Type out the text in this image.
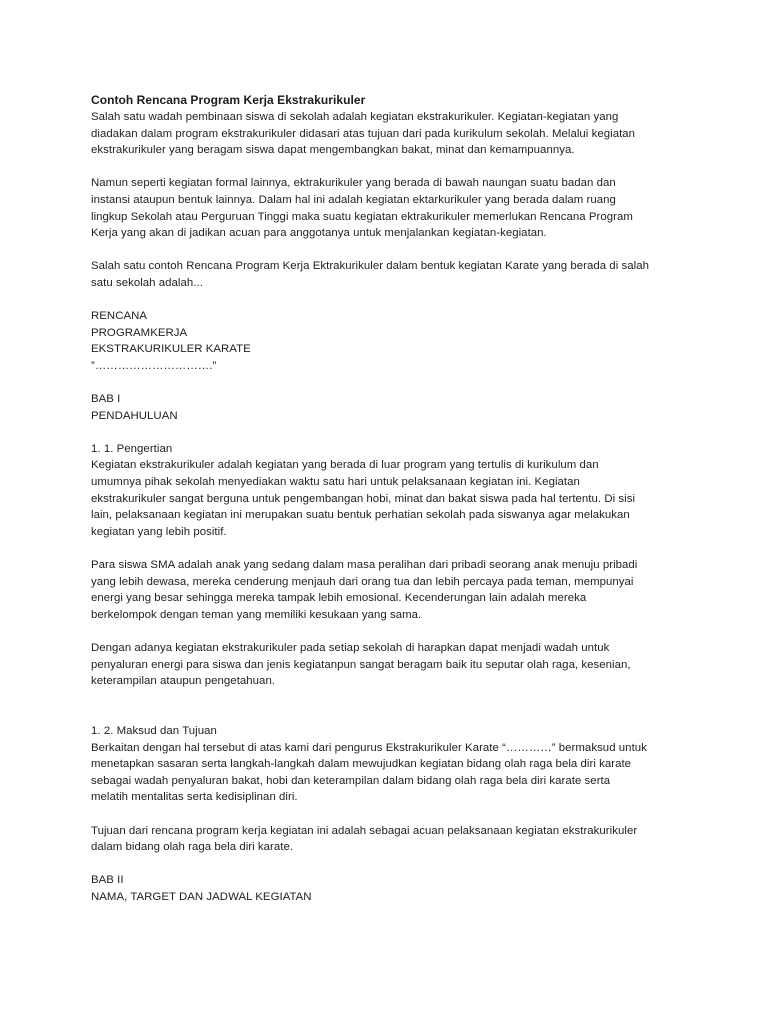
Contoh Rencana Program Kerja Ekstrakurikuler
Salah satu wadah pembinaan siswa di sekolah adalah kegiatan ekstrakurikuler. Kegiatan-kegiatan yang
diadakan dalam program ekstrakurikuler didasari atas tujuan dari pada kurikulum sekolah. Melalui kegiatan
ekstrakurikuler yang beragam siswa dapat mengembangkan bakat, minat dan kemampuannya.
Namun seperti kegiatan formal lainnya, ektrakurikuler yang berada di bawah naungan suatu badan dan
instansi ataupun bentuk lainnya. Dalam hal ini adalah kegiatan ektarkurikuler yang berada dalam ruang
lingkup Sekolah atau Perguruan Tinggi maka suatu kegiatan ektrakurikuler memerlukan Rencana Program
Kerja yang akan di jadikan acuan para anggotanya untuk menjalankan kegiatan-kegiatan.
Salah satu contoh Rencana Program Kerja Ektrakurikuler dalam bentuk kegiatan Karate yang berada di salah
satu sekolah adalah...
RENCANA
PROGRAMKERJA
EKSTRAKURIKULER KARATE
”………………………….”
BAB I
PENDAHULUAN
1. 1. Pengertian
Kegiatan ekstrakurikuler adalah kegiatan yang berada di luar program yang tertulis di kurikulum dan
umumnya pihak sekolah menyediakan waktu satu hari untuk pelaksanaan kegiatan ini. Kegiatan
ekstrakurikuler sangat berguna untuk pengembangan hobi, minat dan bakat siswa pada hal tertentu. Di sisi
lain, pelaksanaan kegiatan ini merupakan suatu bentuk perhatian sekolah pada siswanya agar melakukan
kegiatan yang lebih positif.
Para siswa SMA adalah anak yang sedang dalam masa peralihan dari pribadi seorang anak menuju pribadi
yang lebih dewasa, mereka cenderung menjauh dari orang tua dan lebih percaya pada teman, mempunyai
energi yang besar sehingga mereka tampak lebih emosional. Kecenderungan lain adalah mereka
berkelompok dengan teman yang memiliki kesukaan yang sama.
Dengan adanya kegiatan ekstrakurikuler pada setiap sekolah di harapkan dapat menjadi wadah untuk
penyaluran energi para siswa dan jenis kegiatanpun sangat beragam baik itu seputar olah raga, kesenian,
keterampilan ataupun pengetahuan.
1. 2. Maksud dan Tujuan
Berkaitan dengan hal tersebut di atas kami dari pengurus Ekstrakurikuler Karate “…………” bermaksud untuk
menetapkan sasaran serta langkah-langkah dalam mewujudkan kegiatan bidang olah raga bela diri karate
sebagai wadah penyaluran bakat, hobi dan keterampilan dalam bidang olah raga bela diri karate serta
melatih mentalitas serta kedisiplinan diri.
Tujuan dari rencana program kerja kegiatan ini adalah sebagai acuan pelaksanaan kegiatan ekstrakurikuler
dalam bidang olah raga bela diri karate.
BAB II
NAMA, TARGET DAN JADWAL KEGIATAN
